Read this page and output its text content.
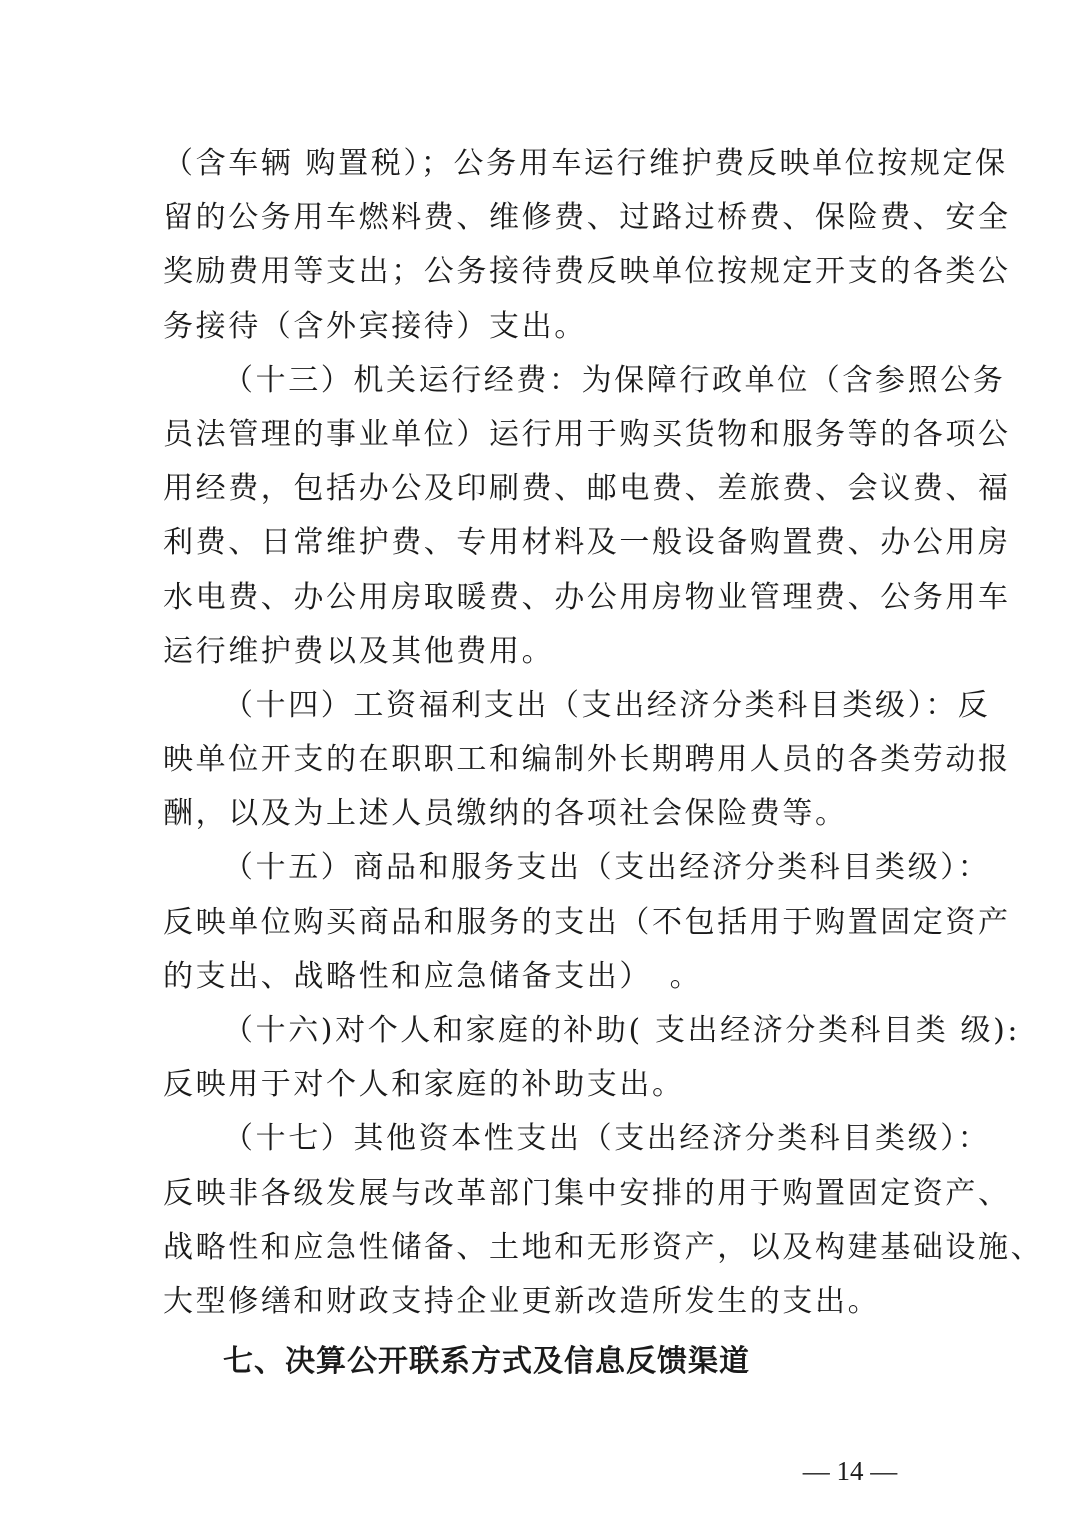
（含车辆 购置税）；公务用车运行维护费反映单位按规定保
留的公务用车燃料费、维修费、过路过桥费、保险费、安全
奖励费用等支出；公务接待费反映单位按规定开支的各类公
务接待（含外宾接待）支出。
（十三）机关运行经费：为保障行政单位（含参照公务
员法管理的事业单位）运行用于购买货物和服务等的各项公
用经费，包括办公及印刷费、邮电费、差旅费、会议费、福
利费、日常维护费、专用材料及一般设备购置费、办公用房
水电费、办公用房取暖费、办公用房物业管理费、公务用车
运行维护费以及其他费用。
（十四）工资福利支出（支出经济分类科目类级）：反
映单位开支的在职职工和编制外长期聘用人员的各类劳动报
酬，以及为上述人员缴纳的各项社会保险费等。
（十五）商品和服务支出（支出经济分类科目类级）：
反映单位购买商品和服务的支出（不包括用于购置固定资产
的支出、战略性和应急储备支出）　。
（十六)对个人和家庭的补助( 支出经济分类科目类 级):
反映用于对个人和家庭的补助支出。
（十七）其他资本性支出（支出经济分类科目类级）：
反映非各级发展与改革部门集中安排的用于购置固定资产、
战略性和应急性储备、土地和无形资产，以及构建基础设施、
大型修缮和财政支持企业更新改造所发生的支出。
七、决算公开联系方式及信息反馈渠道
— 14 —
